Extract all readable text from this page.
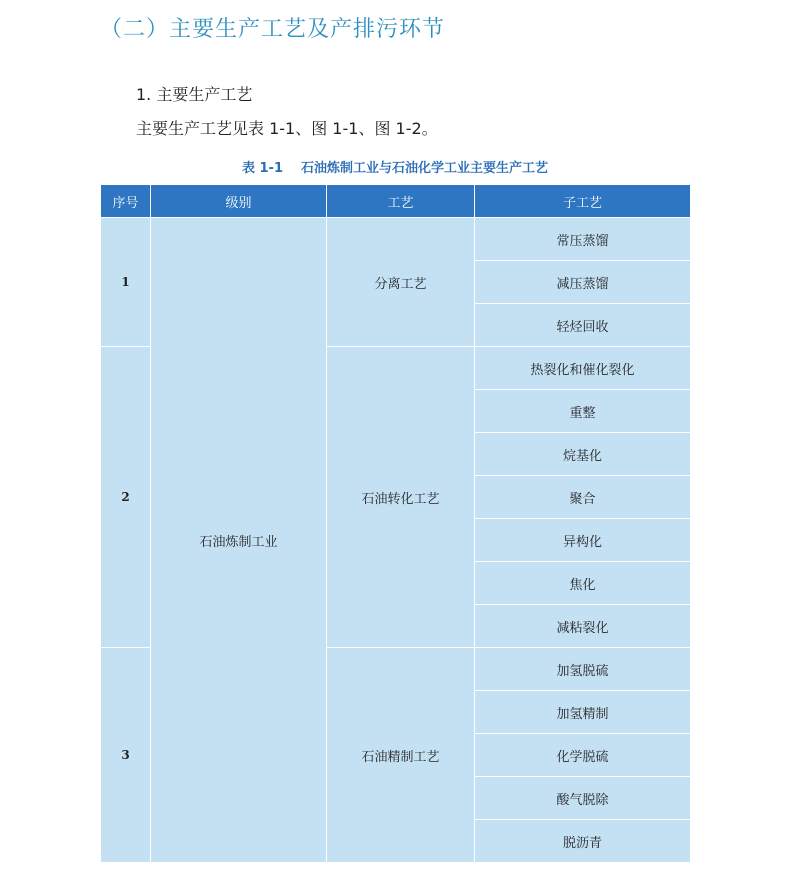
（二）主要生产工艺及产排污环节
1. 主要生产工艺
主要生产工艺见表 1-1、图 1-1、图 1-2。
表 1-1 石油炼制工业与石油化学工业主要生产工艺
序号	级别	工艺	子工艺
1	石油炼制工业	分离工艺	常压蒸馏
			减压蒸馏
			轻烃回收
2		石油转化工艺	热裂化和催化裂化
			重整
			烷基化
			聚合
			异构化
			焦化
			减粘裂化
3		石油精制工艺	加氢脱硫
			加氢精制
			化学脱硫
			酸气脱除
			脱沥青
